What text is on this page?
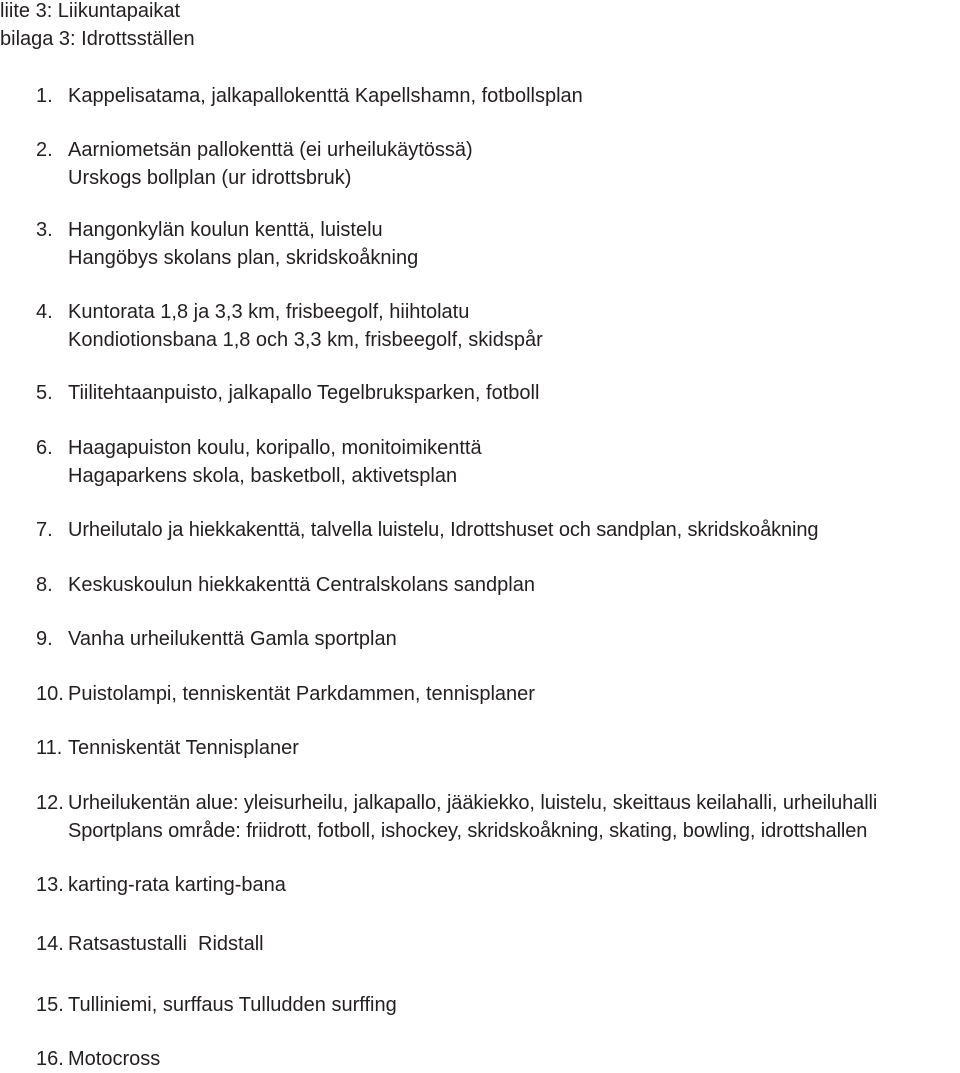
liite 3: Liikuntapaikat
bilaga 3: Idrottsställen
1. Kappelisatama, jalkapallokenttä Kapellshamn, fotbollsplan
2. Aarniometsän pallokenttä (ei urheilukäytössä)
Urskogs bollplan (ur idrottsbruk)
3. Hangonkylän koulun kenttä, luistelu
Hangöbys skolans plan, skridskoåkning
4. Kuntorata 1,8 ja 3,3 km, frisbeegolf, hiihtolatu
Kondiotionsbana 1,8 och 3,3 km, frisbeegolf, skidspår
5. Tiilitehtaanpuisto, jalkapallo Tegelbruksparken, fotboll
6. Haagapuiston koulu, koripallo, monitoimikenttä
Hagaparkens skola, basketboll, aktivetsplan
7. Urheilutalo ja hiekkakenttä, talvella luistelu, Idrottshuset och sandplan, skridskoåkning
8. Keskuskoulun hiekkakenttä Centralskolans sandplan
9. Vanha urheilukenttä Gamla sportplan
10. Puistolampi, tenniskentät Parkdammen, tennisplaner
11. Tenniskentät Tennisplaner
12. Urheilukentän alue: yleisurheilu, jalkapallo, jääkiekko, luistelu, skeittaus keilahalli, urheiluhalli
Sportplans område: friidrott, fotboll, ishockey, skridskoåkning, skating, bowling, idrottshallen
13. karting-rata karting-bana
14. Ratsastustalli  Ridstall
15. Tulliniemi, surffaus Tulludden surffing
16. Motocross
